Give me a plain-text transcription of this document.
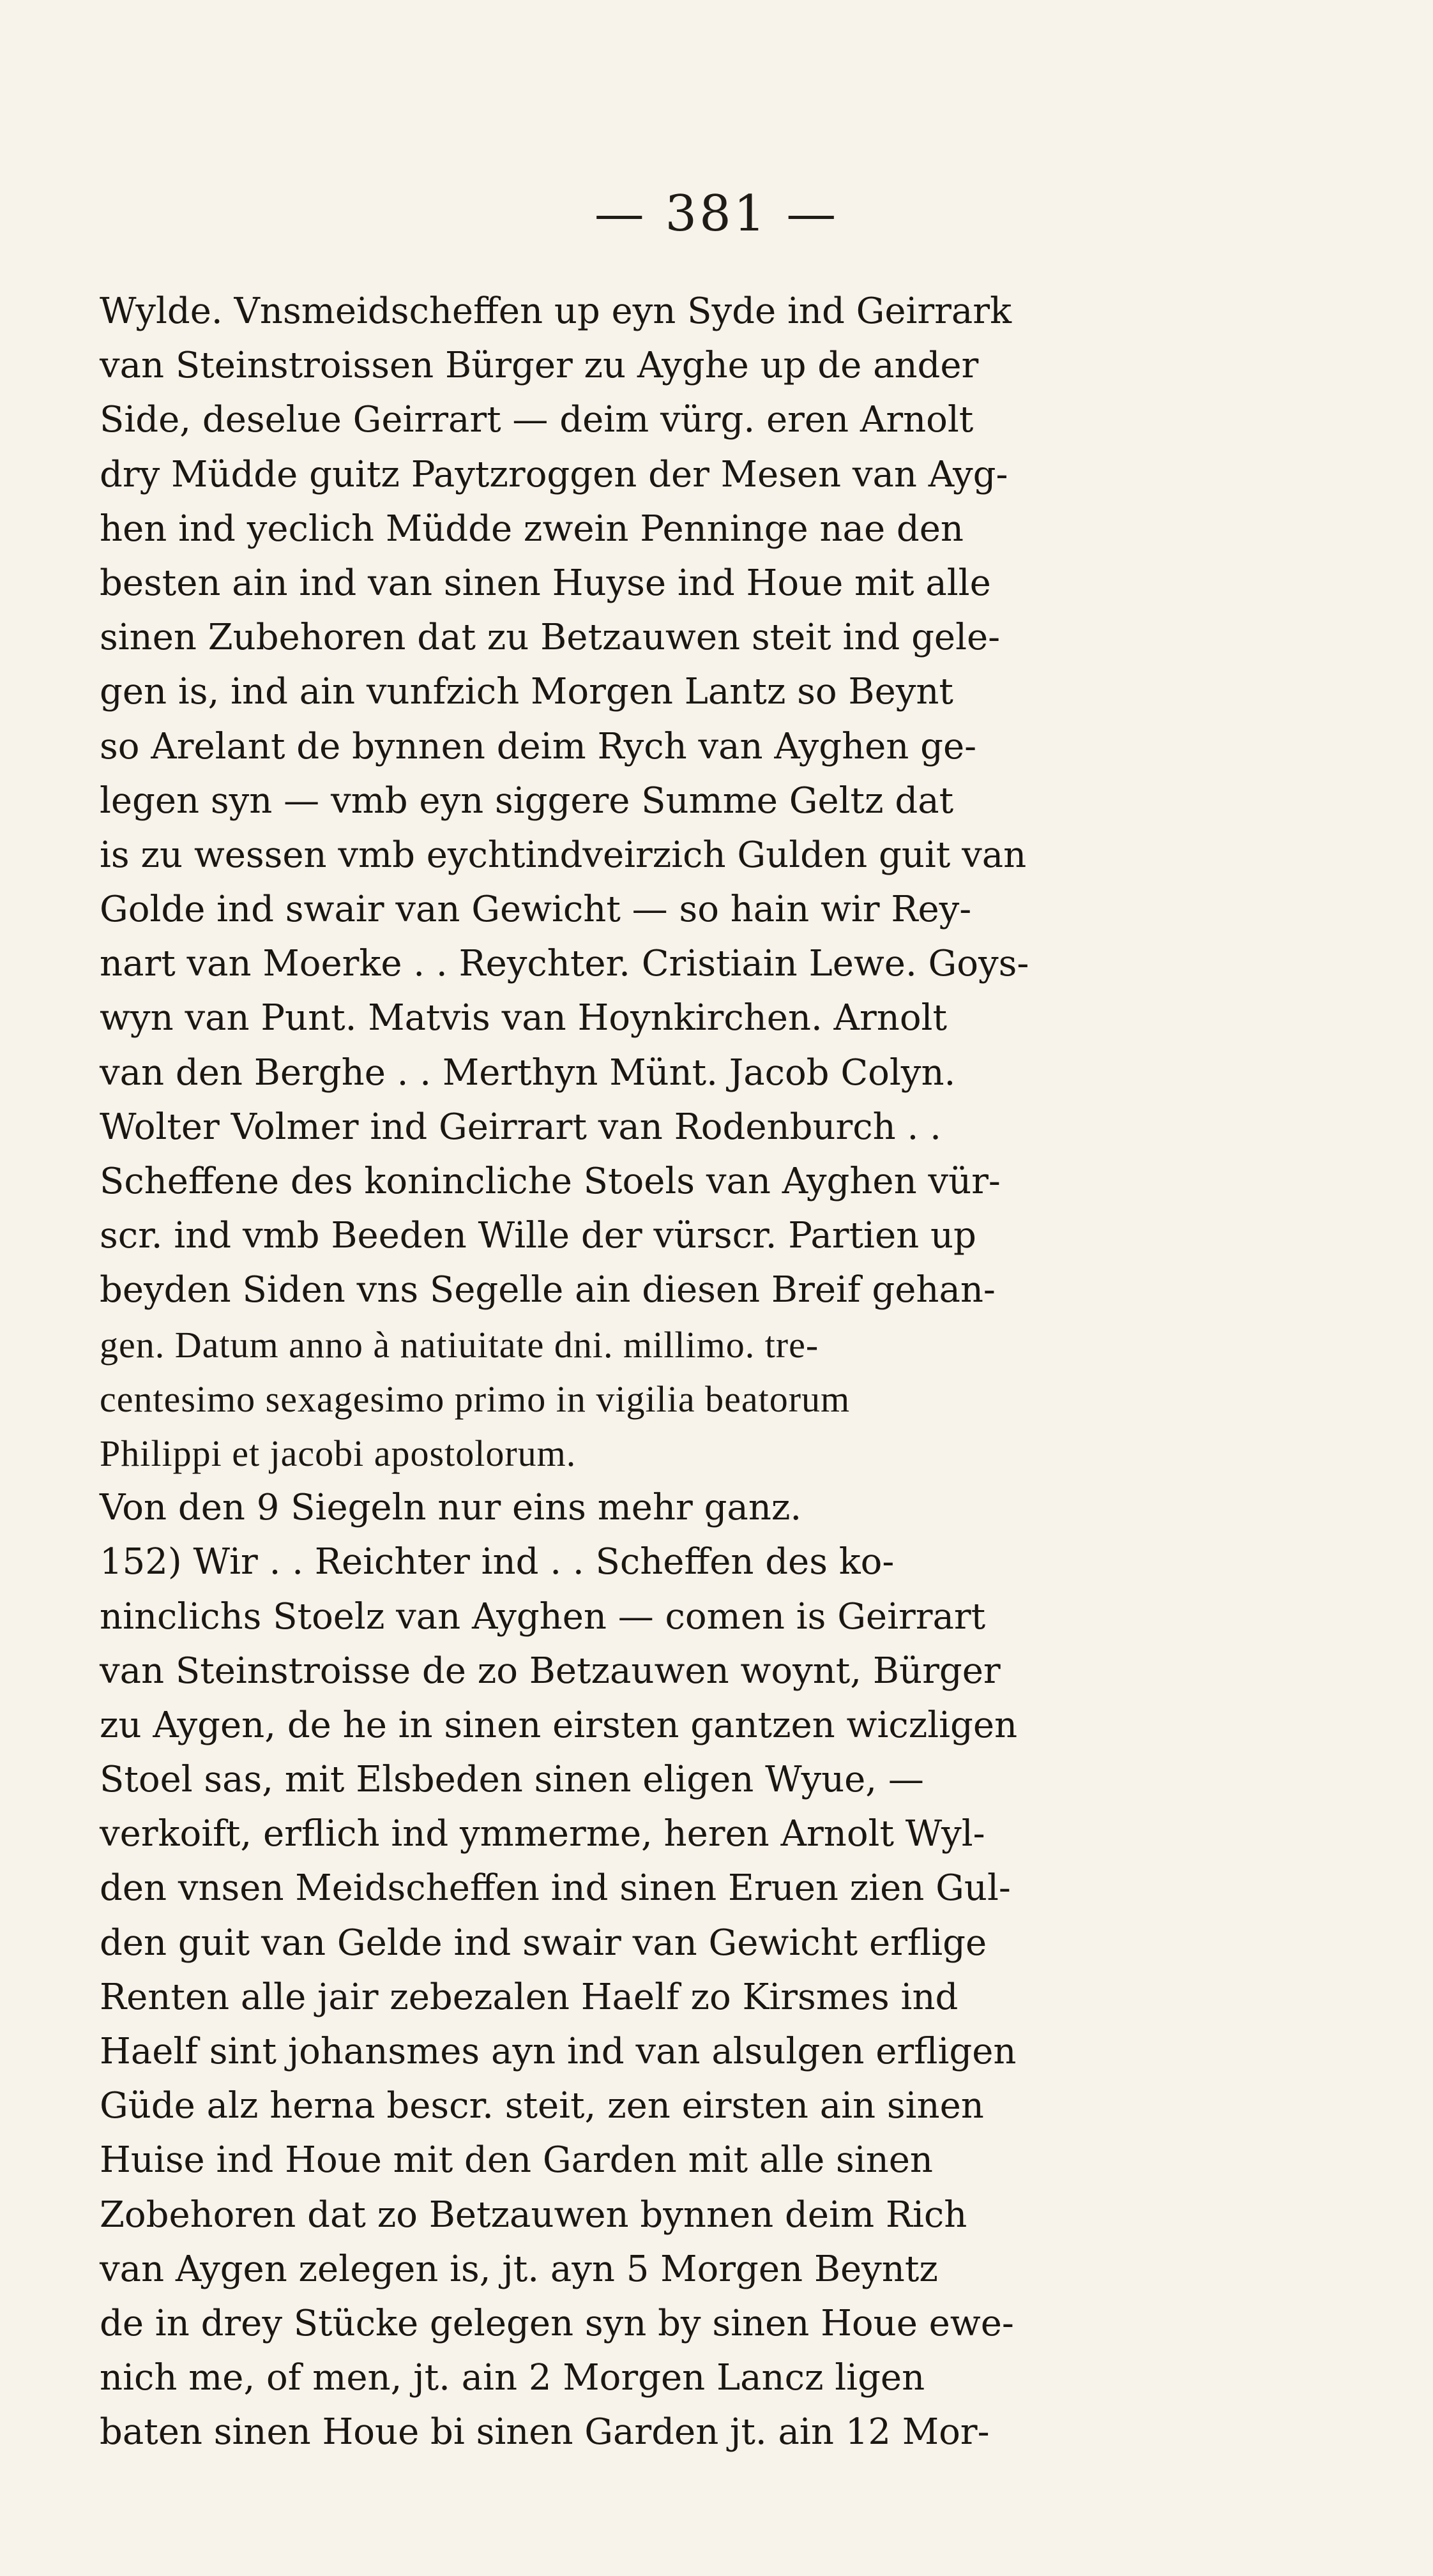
— 381 —
Wylde. Vnsmeidscheffen up eyn Syde ind Geirrark
van Steinstroissen Bürger zu Ayghe up de ander
Side, deselue Geirrart — deim vürg. eren Arnolt
dry Müdde guitz Paytzroggen der Mesen van Ayg-
hen ind yeclich Müdde zwein Penninge nae den
besten ain ind van sinen Huyse ind Houe mit alle
sinen Zubehoren dat zu Betzauwen steit ind gele-
gen is, ind ain vunfzich Morgen Lantz so Beynt
so Arelant de bynnen deim Rych van Ayghen ge-
legen syn — vmb eyn siggere Summe Geltz dat
is zu wessen vmb eychtindveirzich Gulden guit van
Golde ind swair van Gewicht — so hain wir Rey-
nart van Moerke . . Reychter. Cristiain Lewe. Goys-
wyn van Punt. Matvis van Hoynkirchen. Arnolt
van den Berghe . . Merthyn Münt. Jacob Colyn.
Wolter Volmer ind Geirrart van Rodenburch . .
Scheffene des konincliche Stoels van Ayghen vür-
scr. ind vmb Beeden Wille der vürscr. Partien up
beyden Siden vns Segelle ain diesen Breif gehan-
gen. Datum anno à natiuitate dni. millimo. tre-
centesimo sexagesimo primo in vigilia beatorum
Philippi et jacobi apostolorum.
Von den 9 Siegeln nur eins mehr ganz.
152) Wir . . Reichter ind . . Scheffen des ko-
ninclichs Stoelz van Ayghen — comen is Geirrart
van Steinstroisse de zo Betzauwen woynt, Bürger
zu Aygen, de he in sinen eirsten gantzen wiczligen
Stoel sas, mit Elsbeden sinen eligen Wyue, —
verkoift, erflich ind ymmerme, heren Arnolt Wyl-
den vnsen Meidscheffen ind sinen Eruen zien Gul-
den guit van Gelde ind swair van Gewicht erflige
Renten alle jair zebezalen Haelf zo Kirsmes ind
Haelf sint johansmes ayn ind van alsulgen erfligen
Güde alz herna bescr. steit, zen eirsten ain sinen
Huise ind Houe mit den Garden mit alle sinen
Zobehoren dat zo Betzauwen bynnen deim Rich
van Aygen zelegen is, jt. ayn 5 Morgen Beyntz
de in drey Stücke gelegen syn by sinen Houe ewe-
nich me, of men, jt. ain 2 Morgen Lancz ligen
baten sinen Houe bi sinen Garden jt. ain 12 Mor-
